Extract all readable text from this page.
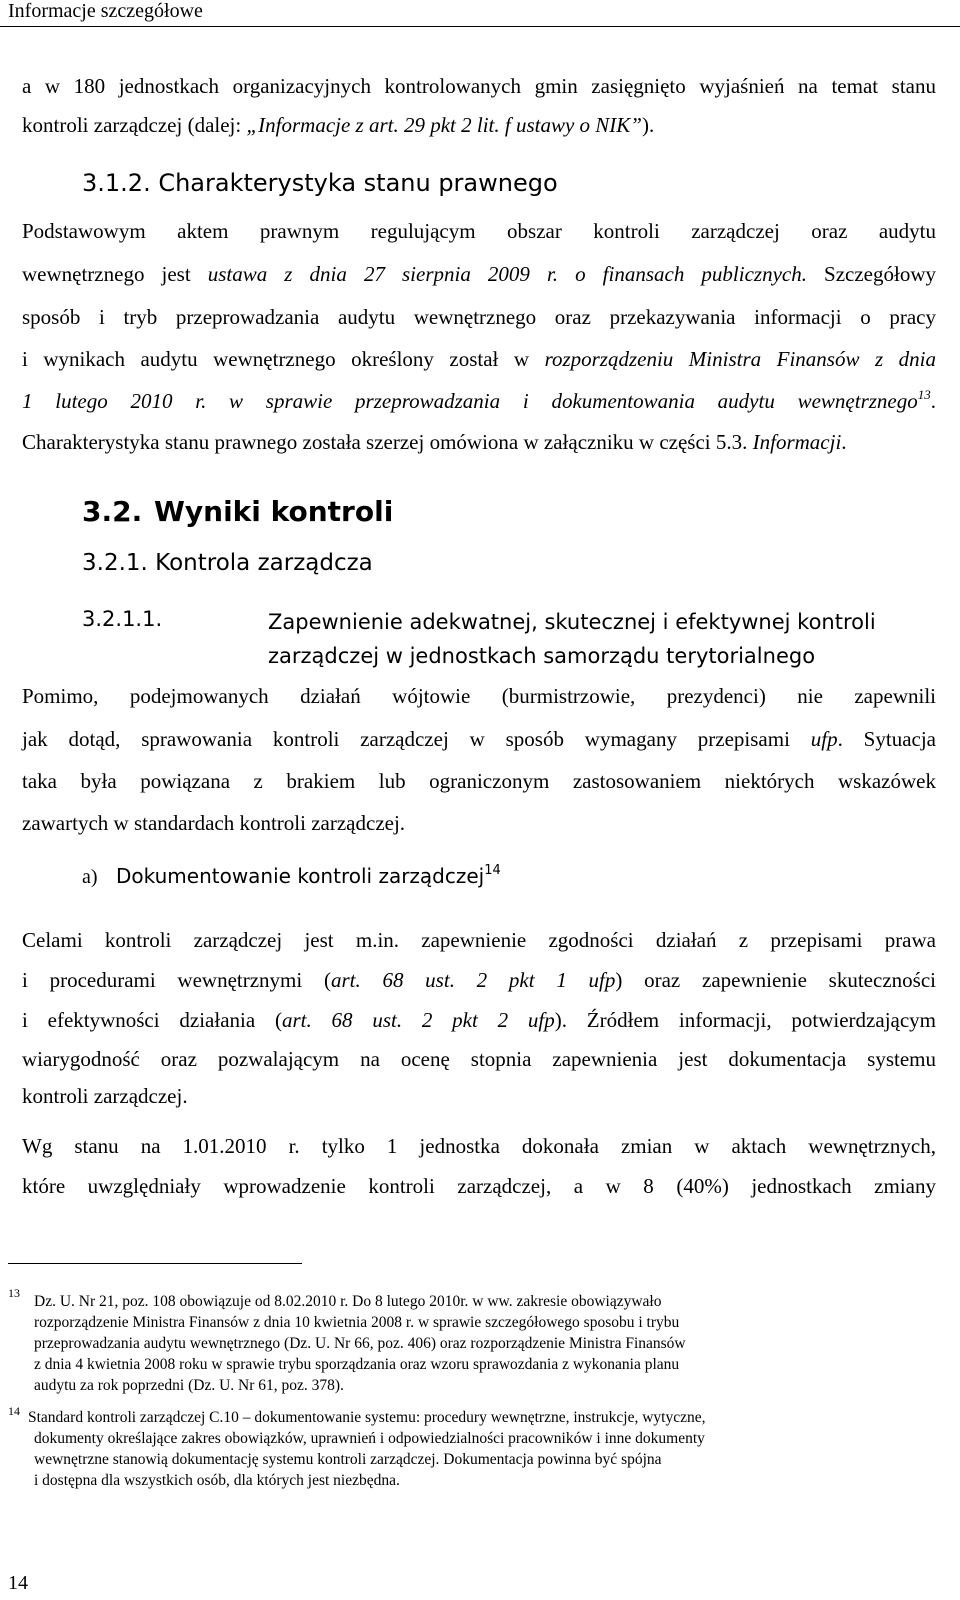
Informacje szczegółowe
a w 180 jednostkach organizacyjnych kontrolowanych gmin zasięgnięto wyjaśnień na temat stanu
kontroli zarządczej (dalej: „Informacje z art. 29 pkt 2 lit. f ustawy o NIK”).
3.1.2. Charakterystyka stanu prawnego
Podstawowym aktem prawnym regulującym obszar kontroli zarządczej oraz audytu
wewnętrznego jest ustawa z dnia 27 sierpnia 2009 r. o finansach publicznych. Szczegółowy
sposób i tryb przeprowadzania audytu wewnętrznego oraz przekazywania informacji o pracy
i wynikach audytu wewnętrznego określony został w rozporządzeniu Ministra Finansów z dnia
1 lutego 2010 r. w sprawie przeprowadzania i dokumentowania audytu wewnętrznego$^{13}$.
Charakterystyka stanu prawnego została szerzej omówiona w załączniku w części 5.3. Informacji.
3.2. Wyniki kontroli
3.2.1. Kontrola zarządcza
3.2.1.1.	Zapewnienie adekwatnej, skutecznej i efektywnej kontroli
zarządczej w jednostkach samorządu terytorialnego
Pomimo, podejmowanych działań wójtowie (burmistrzowie, prezydenci) nie zapewnili
jak dotąd, sprawowania kontroli zarządczej w sposób wymagany przepisami ufp. Sytuacja
taka była powiązana z brakiem lub ograniczonym zastosowaniem niektórych wskazówek
zawartych w standardach kontroli zarządczej.
a) Dokumentowanie kontroli zarządczej$^{14}$
Celami kontroli zarządczej jest m.in. zapewnienie zgodności działań z przepisami prawa
i procedurami wewnętrznymi (art. 68 ust. 2 pkt 1 ufp) oraz zapewnienie skuteczności
i efektywności działania (art. 68 ust. 2 pkt 2 ufp). Źródłem informacji, potwierdzającym
wiarygodność oraz pozwalającym na ocenę stopnia zapewnienia jest dokumentacja systemu
kontroli zarządczej.
Wg stanu na 1.01.2010 r. tylko 1 jednostka dokonała zmian w aktach wewnętrznych,
które uwzględniały wprowadzenie kontroli zarządczej, a w 8 (40%) jednostkach zmiany
13 Dz. U. Nr 21, poz. 108 obowiązuje od 8.02.2010 r. Do 8 lutego 2010r. w ww. zakresie obowiązywało
rozporządzenie Ministra Finansów z dnia 10 kwietnia 2008 r. w sprawie szczegółowego sposobu i trybu
przeprowadzania audytu wewnętrznego (Dz. U. Nr 66, poz. 406) oraz rozporządzenie Ministra Finansów
z dnia 4 kwietnia 2008 roku w sprawie trybu sporządzania oraz wzoru sprawozdania z wykonania planu
audytu za rok poprzedni (Dz. U. Nr 61, poz. 378).
14 Standard kontroli zarządczej C.10 – dokumentowanie systemu: procedury wewnętrzne, instrukcje, wytyczne,
dokumenty określające zakres obowiązków, uprawnień i odpowiedzialności pracowników i inne dokumenty
wewnętrzne stanowią dokumentację systemu kontroli zarządczej. Dokumentacja powinna być spójna
i dostępna dla wszystkich osób, dla których jest niezbędna.
14
